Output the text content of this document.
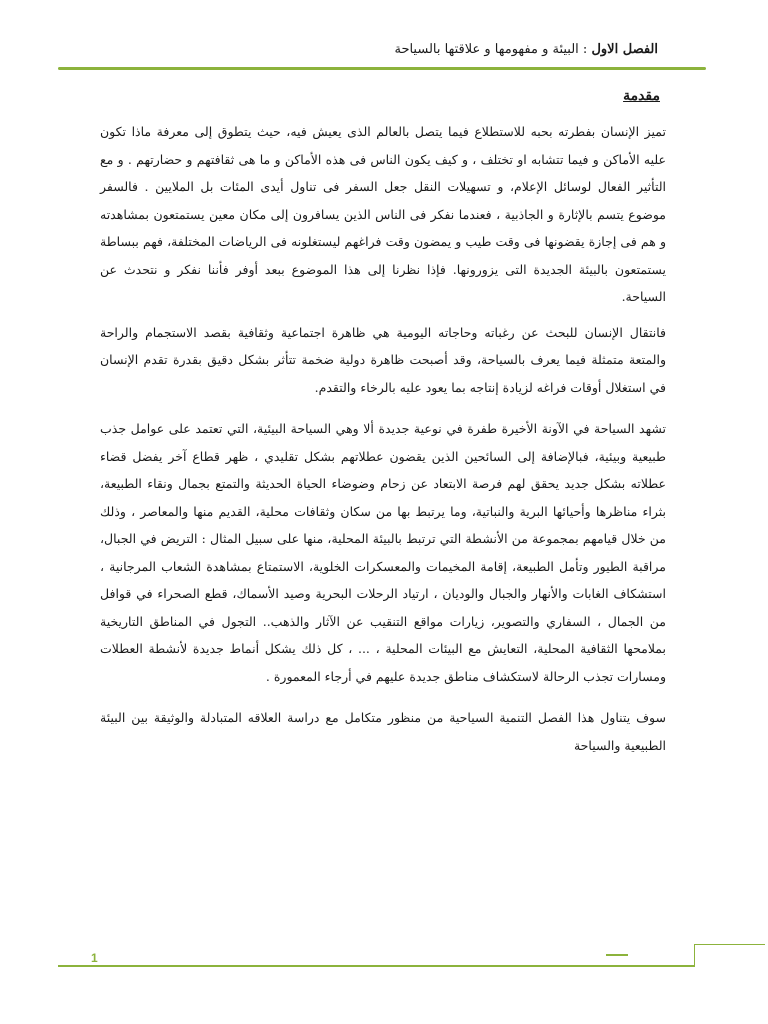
الفصل الاول : البيئة و مفهومها و علاقتها بالسياحة
مقدمة

تميز الإنسان بفطرته بحبه للاستطلاع فيما يتصل بالعالم الذى يعيش فيه، حيث يتطوق إلى معرفة ماذا تكون عليه الأماكن و فيما تتشابه او تختلف ، و كيف يكون الناس فى هذه الأماكن و ما هى ثقافتهم و حضارتهم . و مع التأثير الفعال لوسائل الإعلام، و تسهيلات النقل جعل السفر فى تناول أيدى المئات بل الملايين . فالسفر موضوع يتسم بالإثارة و الجاذبية ، فعندما نفكر فى الناس الذين يسافرون إلى مكان معين يستمتعون بمشاهدته و هم فى إجازة يقضونها فى وقت طيب و يمضون وقت فراغهم ليستغلونه فى الرياضات المختلفة، فهم ببساطة يستمتعون بالبيئة الجديدة التى يزورونها. فإذا نظرنا إلى هذا الموضوع ببعد أوفر فأننا نفكر و نتحدث عن السياحة.

فانتقال الإنسان للبحث عن رغباته وحاجاته اليومية هي ظاهرة اجتماعية وثقافية بقصد الاستجمام والراحة والمتعة متمثلة فيما يعرف بالسياحة، وقد أصبحت ظاهرة دولية ضخمة تتأثر بشكل دقيق بقدرة تقدم الإنسان في استغلال أوقات فراغه لزيادة إنتاجه بما يعود عليه بالرخاء والتقدم.

تشهد السياحة في الآونة الأخيرة طفرة في نوعية جديدة ألا وهي السياحة البيئية، التي تعتمد على عوامل جذب طبيعية وبيئية، فبالإضافة إلى السائحين الذين يقضون عطلاتهم بشكل تقليدي ، ظهر قطاع آخر يفضل قضاء عطلاته بشكل جديد يحقق لهم فرصة الابتعاد عن زحام وضوضاء الحياة الحديثة والتمتع بجمال ونقاء الطبيعة، بثراء مناظرها وأحيائها البرية والنباتية، وما يرتبط بها من سكان وثقافات محلية، القديم منها والمعاصر ، وذلك من خلال قيامهم بمجموعة من الأنشطة التي ترتبط بالبيئة المحلية، منها على سبيل المثال : التريض في الجبال، مراقبة الطيور وتأمل الطبيعة، إقامة المخيمات والمعسكرات الخلوية، الاستمتاع بمشاهدة الشعاب المرجانية ، استشكاف الغابات والأنهار والجبال والوديان ، ارتياد الرحلات البحرية وصيد الأسماك، قطع الصحراء في قوافل من الجمال ، السفاري والتصوير، زيارات مواقع التنقيب عن الآثار والذهب.. التجول في المناطق التاريخية بملامحها الثقافية المحلية، التعايش مع البيئات المحلية ، ... ، كل ذلك يشكل أنماط جديدة لأنشطة العطلات ومسارات تجذب الرحالة لاستكشاف مناطق جديدة عليهم في أرجاء المعمورة .

سوف يتناول هذا الفصل التنمية السياحية من منظور متكامل مع دراسة العلاقه المتبادلة والوثيقة بين البيئة الطبيعية والسياحة

1
